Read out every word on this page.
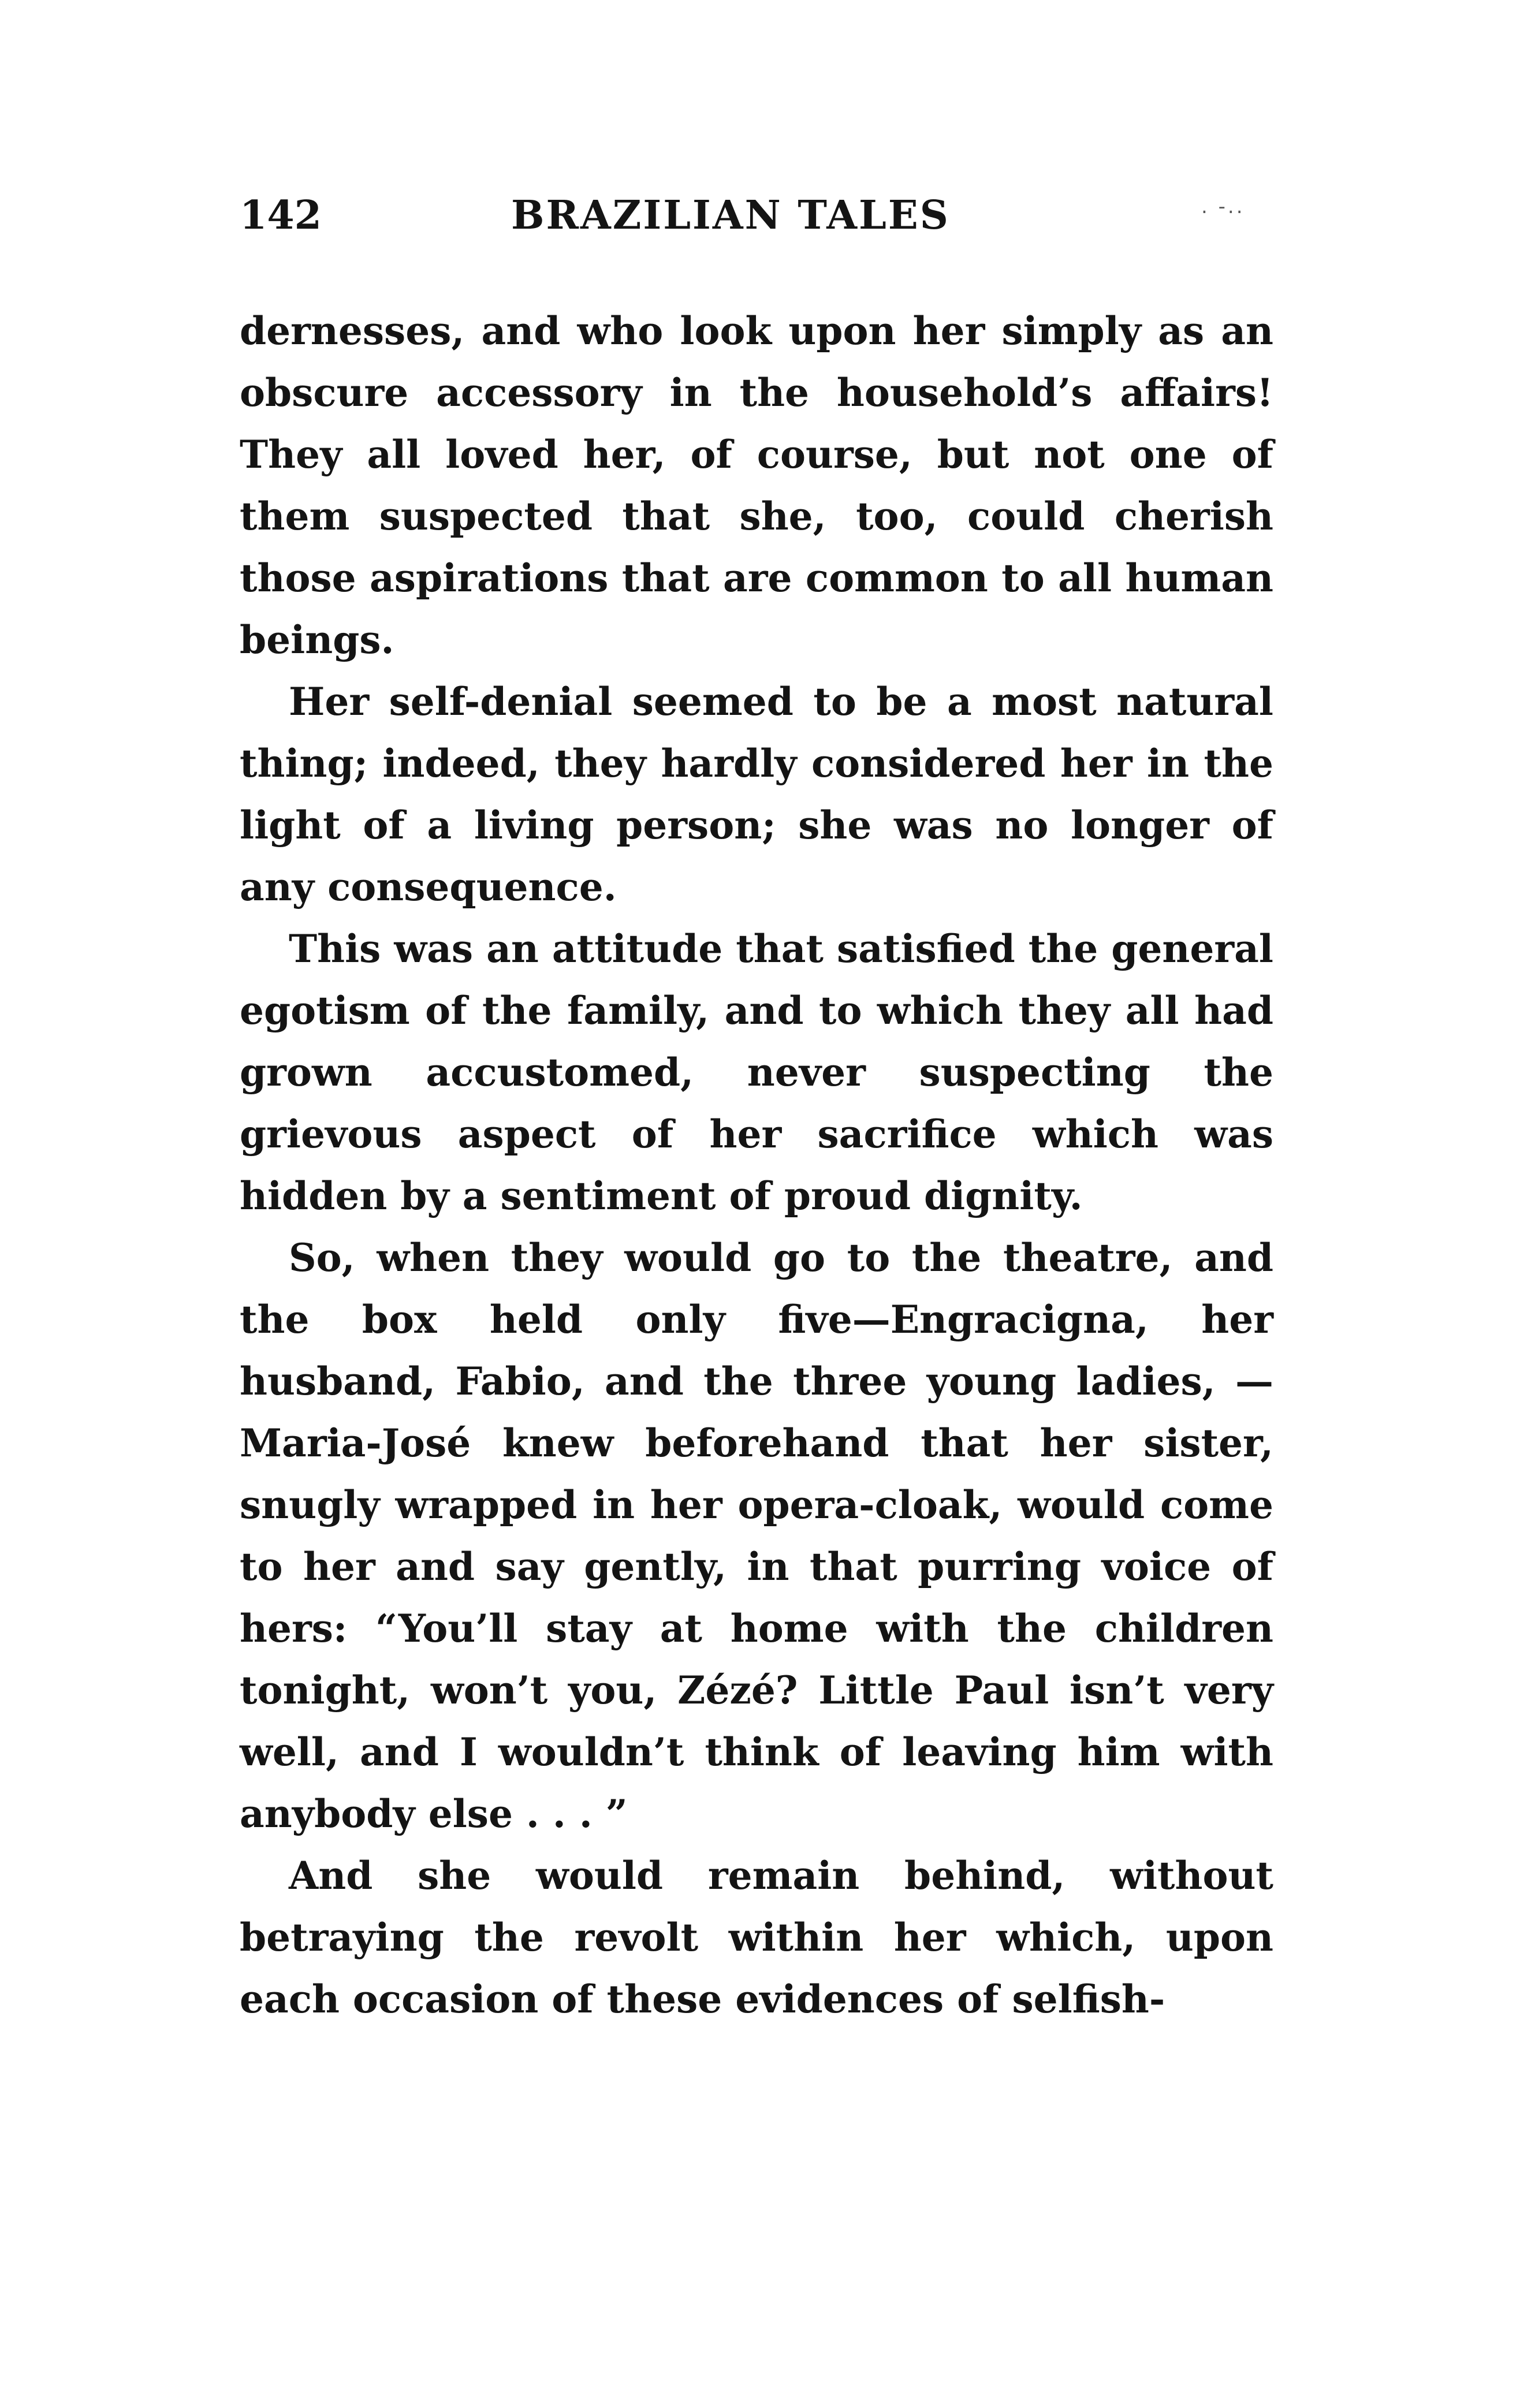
142	BRAZILIAN TALES	. -..

dernesses, and who look upon her simply as an obscure accessory in the household’s affairs! They all loved her, of course, but not one of them suspected that she, too, could cherish those aspirations that are common to all human beings.

Her self-denial seemed to be a most natural thing; indeed, they hardly considered her in the light of a living person; she was no longer of any consequence.

This was an attitude that satisfied the general egotism of the family, and to which they all had grown accustomed, never suspecting the grievous aspect of her sacrifice which was hidden by a sentiment of proud dignity.

So, when they would go to the theatre, and the box held only five—Engracigna, her husband, Fabio, and the three young ladies, —Maria-José knew beforehand that her sister, snugly wrapped in her opera-cloak, would come to her and say gently, in that purring voice of hers: “You’ll stay at home with the children tonight, won’t you, Zézé? Little Paul isn’t very well, and I wouldn’t think of leaving him with anybody else . . . ”

And she would remain behind, without betraying the revolt within her which, upon each occasion of these evidences of selfish-
